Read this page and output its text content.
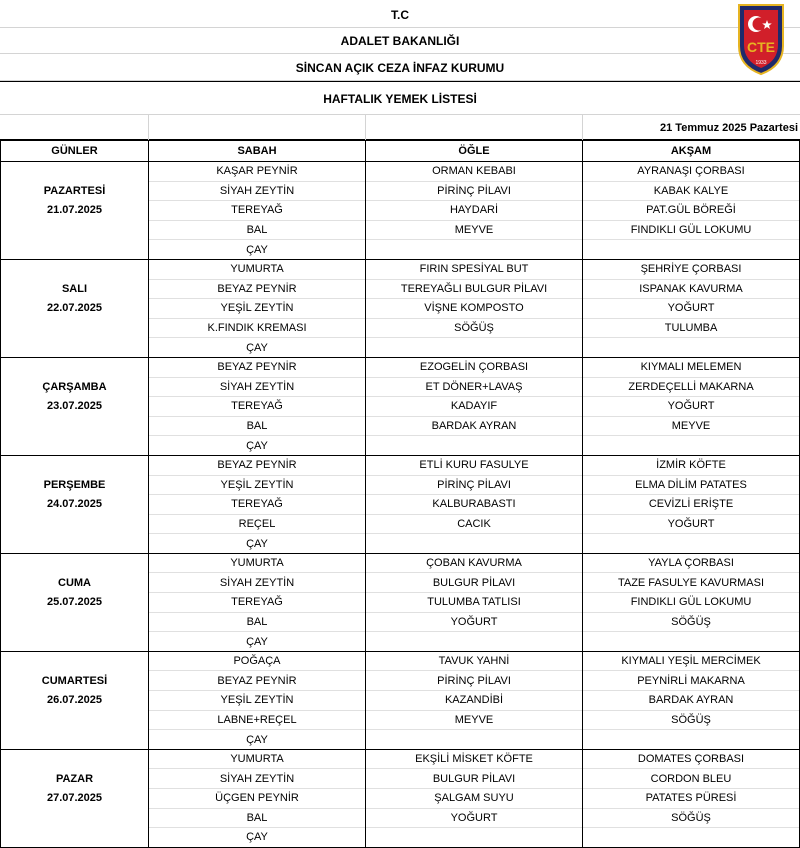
T.C
ADALET BAKANLIĞI
SİNCAN AÇIK CEZA İNFAZ KURUMU
HAFTALIK YEMEK LİSTESİ
CTE
1933
21 Temmuz 2025 Pazartesi
GÜNLER	SABAH	ÖĞLE	AKŞAM
	KAŞAR PEYNİR	ORMAN KEBABI	AYRANAŞI ÇORBASI
PAZARTESİ	SİYAH ZEYTİN	PİRİNÇ PİLAVI	KABAK KALYE
21.07.2025	TEREYAĞ	HAYDARİ	PAT.GÜL BÖREĞİ
	BAL	MEYVE	FINDIKLI GÜL LOKUMU
	ÇAY		
	YUMURTA	FIRIN SPESİYAL BUT	ŞEHRİYE ÇORBASI
SALI	BEYAZ PEYNİR	TEREYAĞLI BULGUR PİLAVI	ISPANAK KAVURMA
22.07.2025	YEŞİL ZEYTİN	VİŞNE KOMPOSTO	YOĞURT
	K.FINDIK KREMASI	SÖĞÜŞ	TULUMBA
	ÇAY		
	BEYAZ PEYNİR	EZOGELİN ÇORBASI	KIYMALI MELEMEN
ÇARŞAMBA	SİYAH ZEYTİN	ET DÖNER+LAVAŞ	ZERDEÇELLİ MAKARNA
23.07.2025	TEREYAĞ	KADAYIF	YOĞURT
	BAL	BARDAK AYRAN	MEYVE
	ÇAY		
	BEYAZ PEYNİR	ETLİ KURU FASULYE	İZMİR KÖFTE
PERŞEMBE	YEŞİL ZEYTİN	PİRİNÇ PİLAVI	ELMA DİLİM PATATES
24.07.2025	TEREYAĞ	KALBURABASTI	CEVİZLİ ERİŞTE
	REÇEL	CACIK	YOĞURT
	ÇAY		
	YUMURTA	ÇOBAN KAVURMA	YAYLA ÇORBASI
CUMA	SİYAH ZEYTİN	BULGUR PİLAVI	TAZE FASULYE KAVURMASI
25.07.2025	TEREYAĞ	TULUMBA TATLISI	FINDIKLI GÜL LOKUMU
	BAL	YOĞURT	SÖĞÜŞ
	ÇAY		
	POĞAÇA	TAVUK YAHNİ	KIYMALI YEŞİL MERCİMEK
CUMARTESİ	BEYAZ PEYNİR	PİRİNÇ PİLAVI	PEYNİRLİ MAKARNA
26.07.2025	YEŞİL ZEYTİN	KAZANDİBİ	BARDAK AYRAN
	LABNE+REÇEL	MEYVE	SÖĞÜŞ
	ÇAY		
	YUMURTA	EKŞİLİ MİSKET KÖFTE	DOMATES ÇORBASI
PAZAR	SİYAH ZEYTİN	BULGUR PİLAVI	CORDON BLEU
27.07.2025	ÜÇGEN PEYNİR	ŞALGAM SUYU	PATATES PÜRESİ
	BAL	YOĞURT	SÖĞÜŞ
	ÇAY		
